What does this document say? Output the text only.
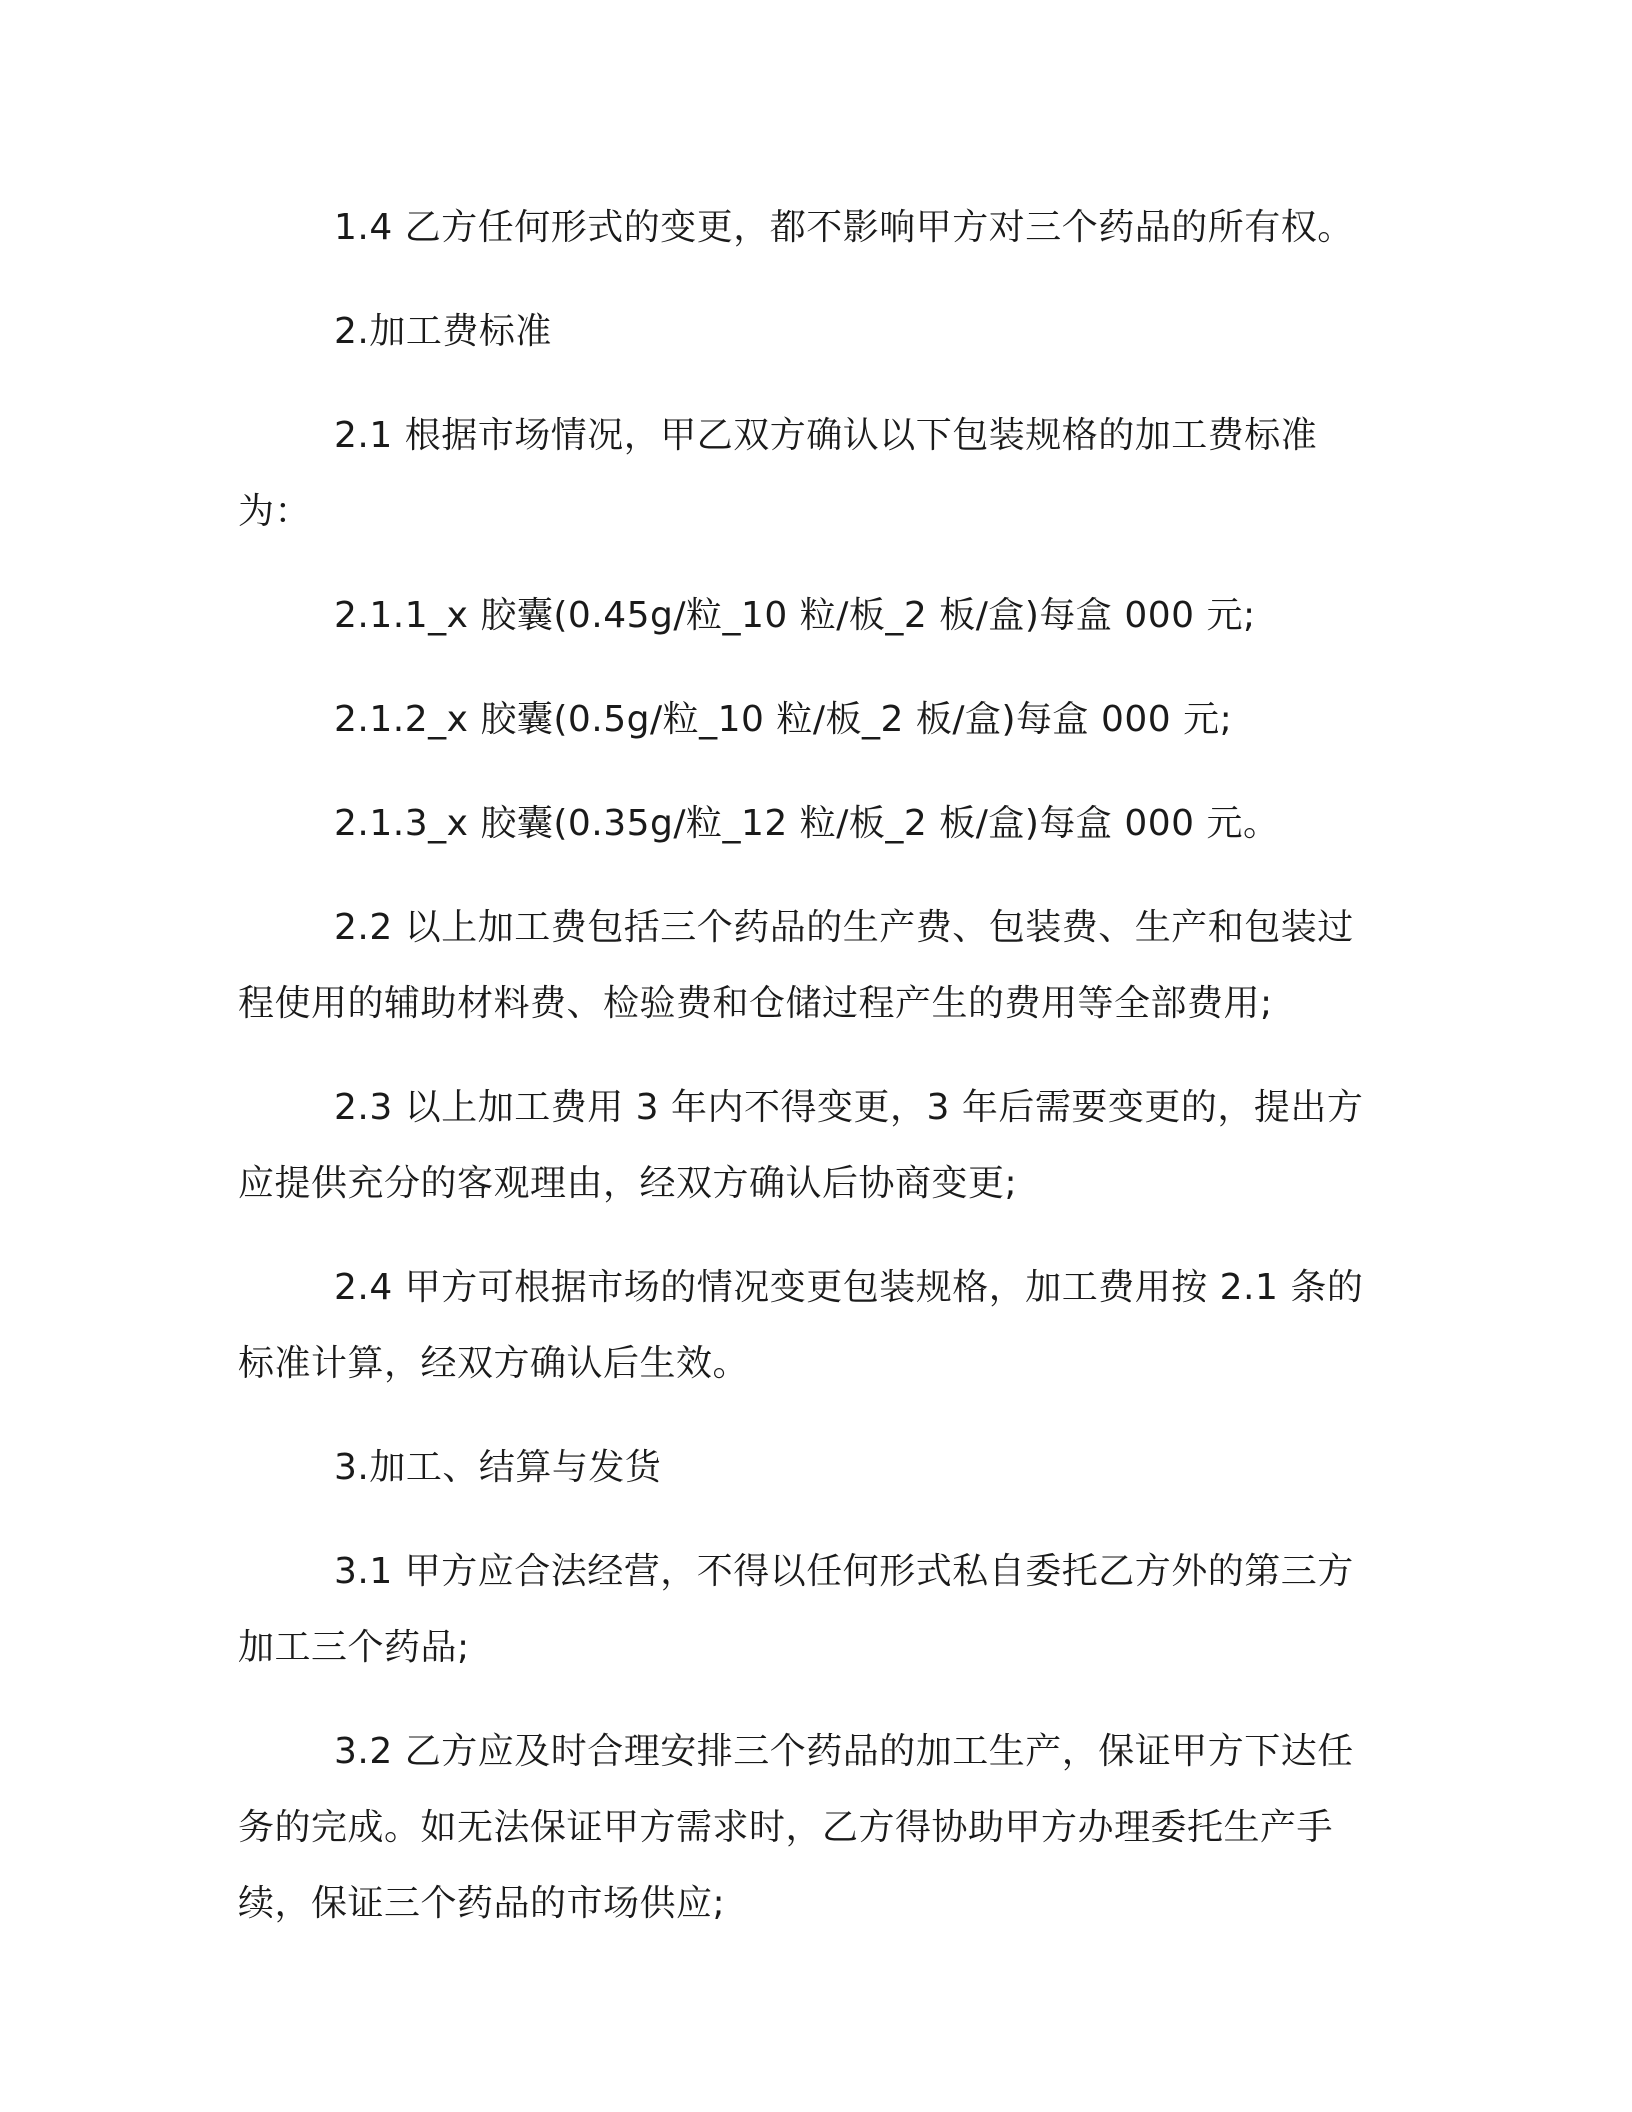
1.4 乙方任何形式的变更，都不影响甲方对三个药品的所有权。

2.加工费标准

2.1 根据市场情况，甲乙双方确认以下包装规格的加工费标准为：

2.1.1_x 胶囊(0.45g/粒_10 粒/板_2 板/盒)每盒 000 元;

2.1.2_x 胶囊(0.5g/粒_10 粒/板_2 板/盒)每盒 000 元;

2.1.3_x 胶囊(0.35g/粒_12 粒/板_2 板/盒)每盒 000 元。

2.2 以上加工费包括三个药品的生产费、包装费、生产和包装过程使用的辅助材料费、检验费和仓储过程产生的费用等全部费用;

2.3 以上加工费用 3 年内不得变更，3 年后需要变更的，提出方应提供充分的客观理由，经双方确认后协商变更;

2.4 甲方可根据市场的情况变更包装规格，加工费用按 2.1 条的标准计算，经双方确认后生效。

3.加工、结算与发货

3.1 甲方应合法经营，不得以任何形式私自委托乙方外的第三方加工三个药品;

3.2 乙方应及时合理安排三个药品的加工生产，保证甲方下达任务的完成。如无法保证甲方需求时，乙方得协助甲方办理委托生产手续，保证三个药品的市场供应;
